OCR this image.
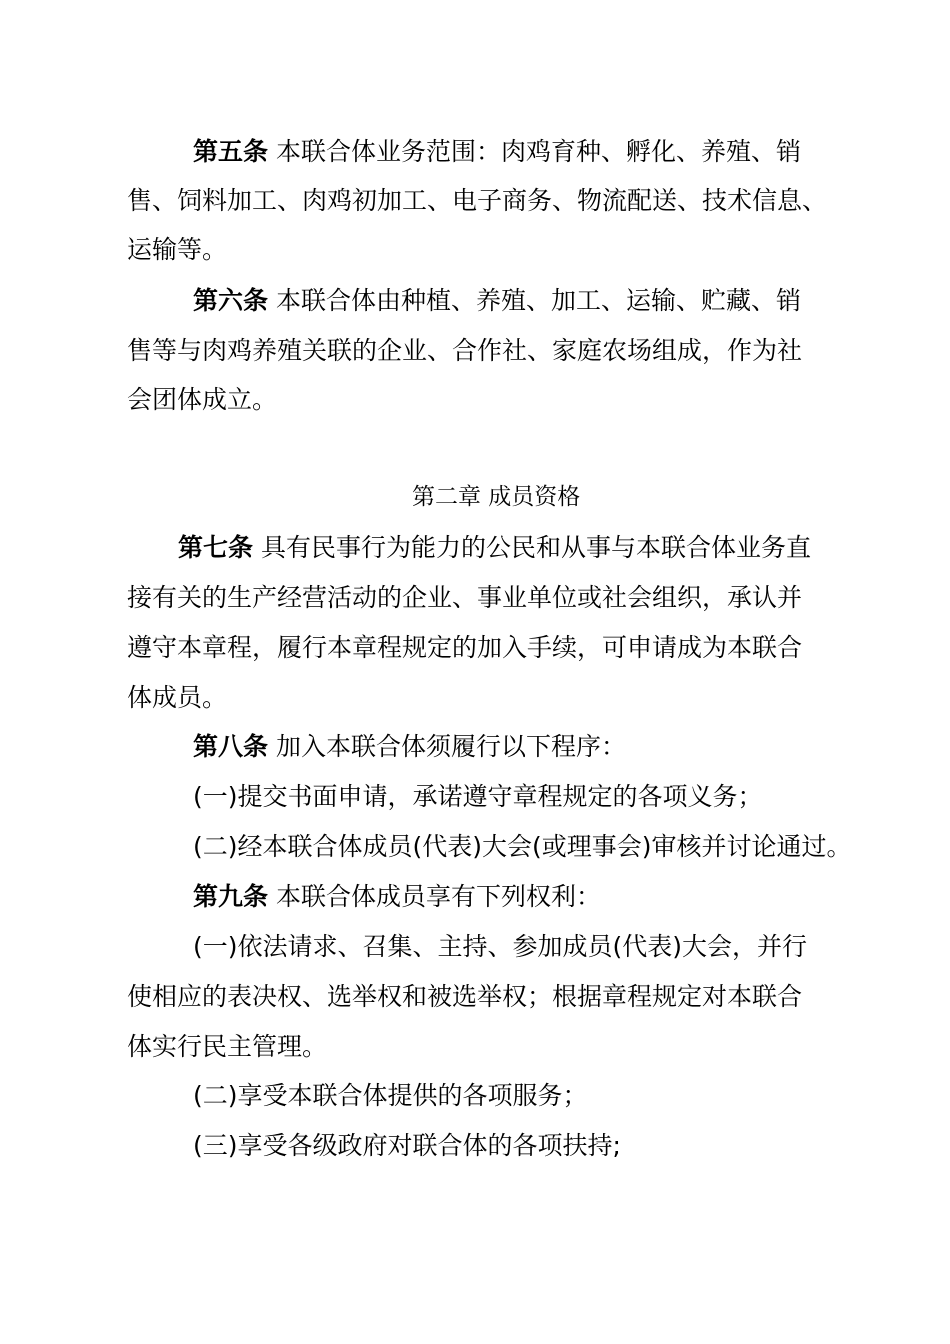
第五条 本联合体业务范围：肉鸡育种、孵化、养殖、销
售、饲料加工、肉鸡初加工、电子商务、物流配送、技术信息、
运输等。
第六条 本联合体由种植、养殖、加工、运输、贮藏、销
售等与肉鸡养殖关联的企业、合作社、家庭农场组成，作为社
会团体成立。
第二章 成员资格
第七条 具有民事行为能力的公民和从事与本联合体业务直
接有关的生产经营活动的企业、事业单位或社会组织，承认并
遵守本章程，履行本章程规定的加入手续，可申请成为本联合
体成员。
第八条 加入本联合体须履行以下程序：
(一)提交书面申请，承诺遵守章程规定的各项义务；
(二)经本联合体成员(代表)大会(或理事会)审核并讨论通过。
第九条 本联合体成员享有下列权利：
(一)依法请求、召集、主持、参加成员(代表)大会，并行
使相应的表决权、选举权和被选举权；根据章程规定对本联合
体实行民主管理。
(二)享受本联合体提供的各项服务；
(三)享受各级政府对联合体的各项扶持;
